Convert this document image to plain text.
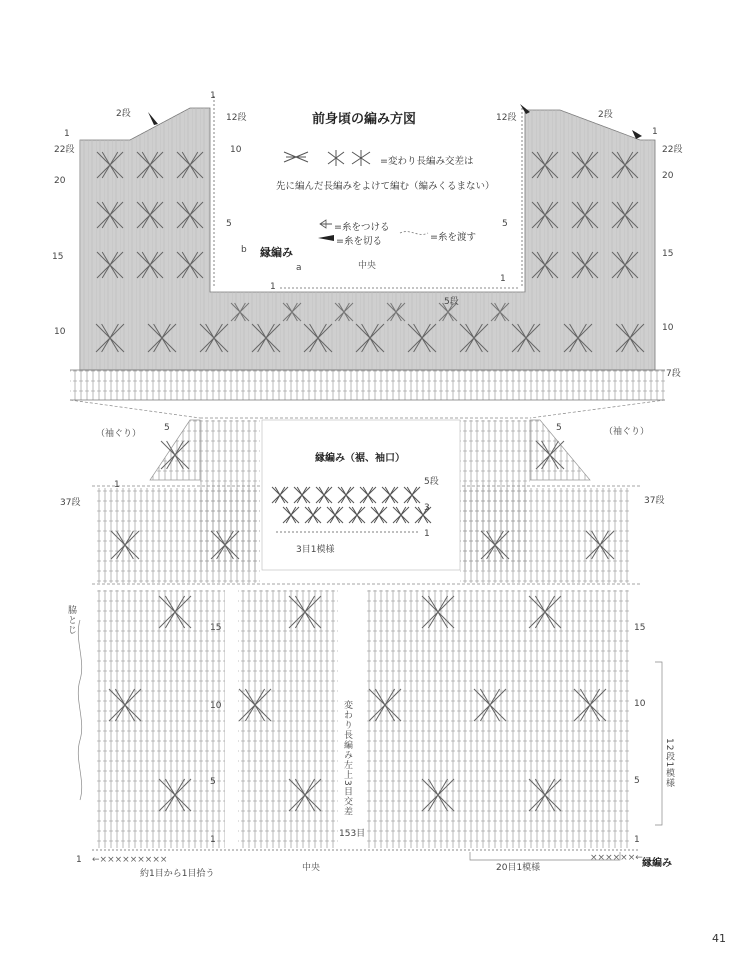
前身頃の編み方図
=変わり長編み交差は
先に編んだ長編みをよけて編む（編みくるまない）
=糸をつける
=糸を切る	=糸を渡す
縁編み
中央
a
b
1
1
5段
2段
1
22段
20
15
10
1
12段
10
5
12段	2段
1
22段
20
15
10
7段
5
（袖ぐり）	（袖ぐり）
5	5
1
37段	37段
縁編み（裾、袖口）
5段
3
1
3目1模様
脇とじ	15
10
5
1
15
10
5
1
変わり長編み左上3目交差
中央
153目
約1目から1目拾う
20目1模様
12段1模様
縁編み
1 ←×××××××××	××××××←
41
